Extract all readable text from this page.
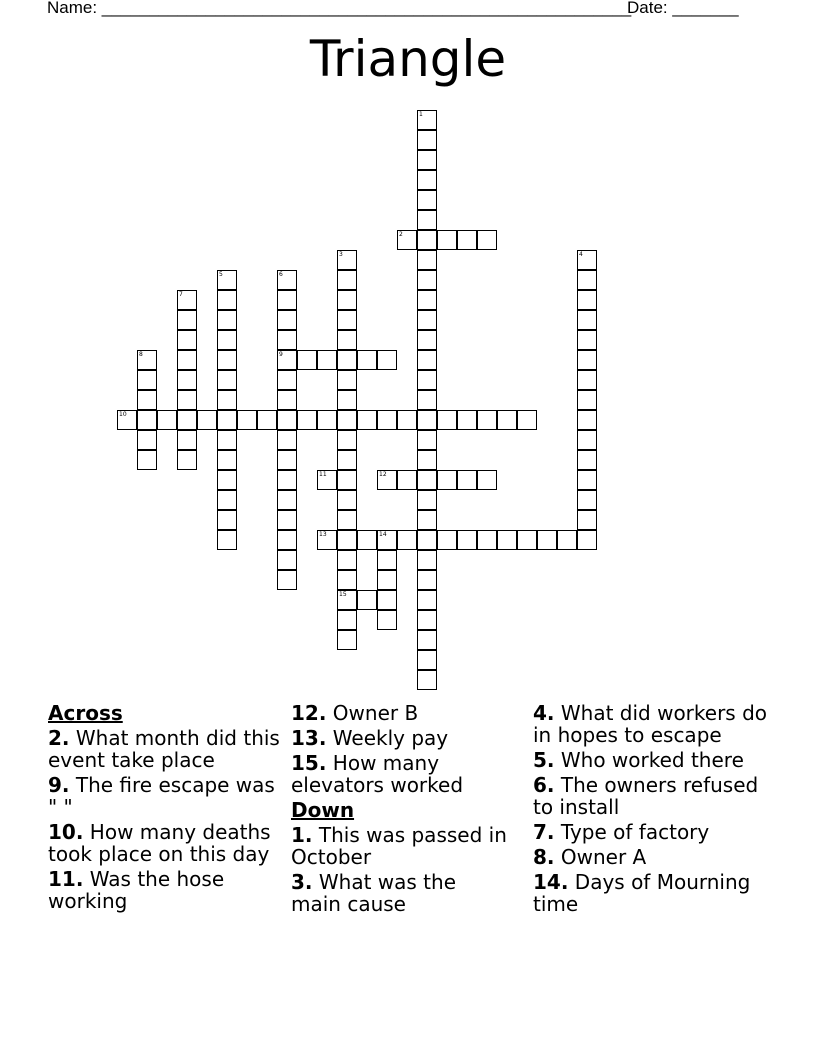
Name: ________________________________________________________
Date: _______
Triangle
1
2
3
15
4
5	6
9
7
8
10
11	12
13	14
Across
2. What month did this event take place
9. The fire escape was " "
10. How many deaths took place on this day
11. Was the hose working
12. Owner B
13. Weekly pay
15. How many elevators worked
Down
1. This was passed in October
3. What was the main cause
4. What did workers do in hopes to escape
5. Who worked there
6. The owners refused to install
7. Type of factory
8. Owner A
14. Days of Mourning time
